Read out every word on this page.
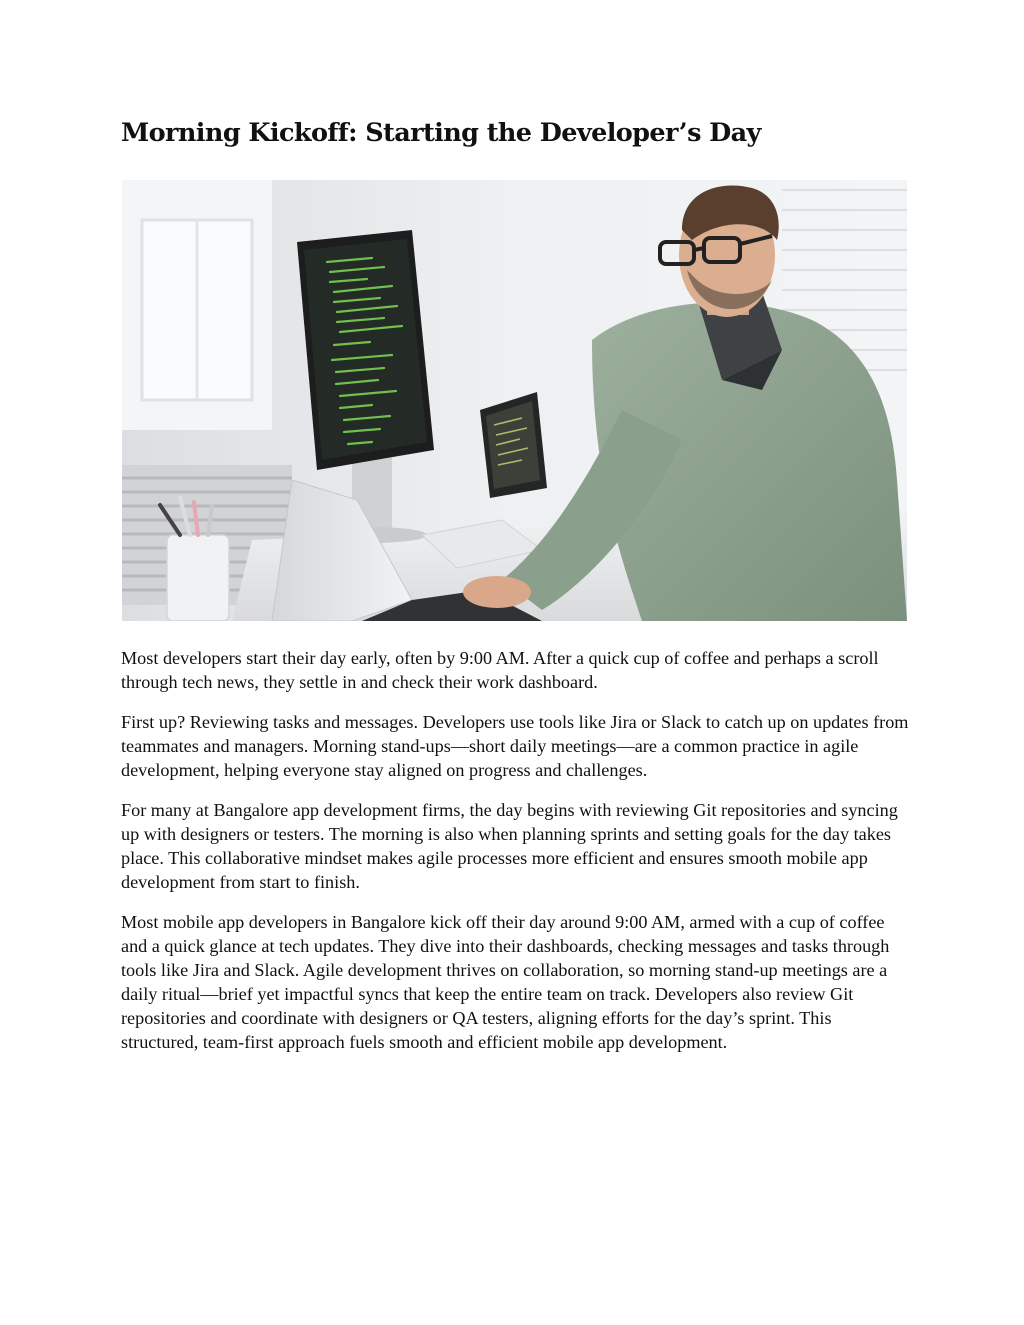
Morning Kickoff: Starting the Developer’s Day

Most developers start their day early, often by 9:00 AM. After a quick cup of coffee and perhaps a scroll through tech news, they settle in and check their work dashboard.

First up? Reviewing tasks and messages. Developers use tools like Jira or Slack to catch up on updates from teammates and managers. Morning stand-ups—short daily meetings—are a common practice in agile development, helping everyone stay aligned on progress and challenges.

For many at Bangalore app development firms, the day begins with reviewing Git repositories and syncing up with designers or testers. The morning is also when planning sprints and setting goals for the day takes place. This collaborative mindset makes agile processes more efficient and ensures smooth mobile app development from start to finish.

Most mobile app developers in Bangalore kick off their day around 9:00 AM, armed with a cup of coffee and a quick glance at tech updates. They dive into their dashboards, checking messages and tasks through tools like Jira and Slack. Agile development thrives on collaboration, so morning stand-up meetings are a daily ritual—brief yet impactful syncs that keep the entire team on track. Developers also review Git repositories and coordinate with designers or QA testers, aligning efforts for the day’s sprint. This structured, team-first approach fuels smooth and efficient mobile app development.
